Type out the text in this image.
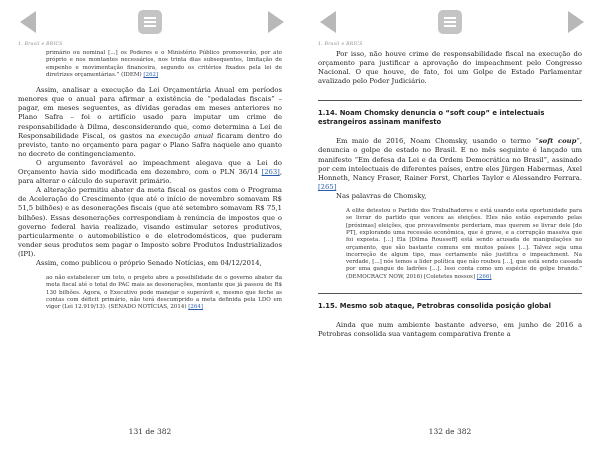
1. Brasil e BRICS

primário ou nominal [...] os Poderes e o Ministério Público promoverão, por ato próprio e nos montantes necessários, nos trinta dias subsequentes, limitação de empenho e movimentação financeira, segundo os critérios fixados pela lei de diretrizes orçamentárias.” (IDEM) [262]

Assim, analisar a execução da Lei Orçamentária Anual em períodos menores que o anual para afirmar a existência de “pedaladas fiscais” – pagar, em meses seguentes, as dívidas geradas em meses anteriores no Plano Safra – foi o artifício usado para imputar um crime de responsabilidade à Dilma, desconsiderando que, como determina a Lei de Responsabilidade Fiscal, os gastos na execução anual ficaram dentro do previsto, tanto no orçamento para pagar o Plano Safra naquele ano quanto no decreto de contingenciamento.

O argumento favorável ao impeachment alegava que a Lei do Orçamento havia sido modificada em dezembro, com o PLN 36/14 [263], para alterar o cálculo do superavit primário.

A alteração permitiu abater da meta fiscal os gastos com o Programa de Aceleração do Crescimento (que até o início de novembro somavam R$ 51,5 bilhões) e as desonerações fiscais (que até setembro somavam R$ 75,1 bilhões). Essas desonerações correspondiam à renúncia de impostos que o governo federal havia realizado, visando estimular setores produtivos, particularmente o automobilístico e de eletrodomésticos, que puderam vender seus produtos sem pagar o Imposto sobre Produtos Industrializados (IPI).

Assim, como publicou o próprio Senado Notícias, em 04/12/2014,

ao não estabelecer um teto, o projeto abre a possibilidade de o governo abater da meta fiscal até o total do PAC mais as desonerações, montante que já passou de R$ 130 bilhões. Agora, o Executivo pode manejar o superávit e, mesmo que feche as contas com déficit primário, não terá descumprido a meta definida pela LDO em vigor (Lei 12.919/13). (SENADO NOTÍCIAS, 2014) [264]

131 de 382
1. Brasil e BRICS

Por isso, não houve crime de responsabilidade fiscal na execução do orçamento para justificar a aprovação do impeachment pelo Congresso Nacional. O que houve, de fato, foi um Golpe de Estado Parlamentar avalizado pelo Poder Judiciário.

1.14. Noam Chomsky denuncia o “soft coup” e intelectuais estrangeiros assinam manifesto

Em maio de 2016, Noam Chomsky, usando o termo “soft coup”, denuncia o golpe de estado no Brasil. E no mês seguinte é lançado um manifesto “Em defesa da Lei e da Ordem Democrática no Brasil”, assinado por cem intelectuais de diferentes países, entre eles Jürgen Habermas, Axel Honneth, Nancy Fraser, Rainer Forst, Charles Taylor e Alessandro Ferrara. [265]

Nas palavras de Chomsky,

A elite detestou o Partido dos Trabalhadores e está usando esta oportunidade para se livrar do partido que venceu as eleições. Eles não estão esperando pelas [próximas] eleições, que provavelmente perderiam, mas querem se livrar dele [do PT], explorando uma recessão econômica, que é grave, e a corrupção massiva que foi exposta. [...] Ela [Dilma Rousseff] está sendo acusada de manipulações no orçamento, que são bastante comuns em muitos países [...]. Talvez seja uma incorreção de algum tipo, mas certamente não justifica o impeachment. Na verdade, [...] nós temos a líder política que não roubou [...], que está sendo cassada por uma gangue de ladrões [...]. Isso conta como um espécie de golpe brando.” (DEMOCRACY NOW, 2016) [Coletetes nossos] [266]

1.15. Mesmo sob ataque, Petrobras consolida posição global

Ainda que num ambiente bastante adverso, em junho de 2016 a Petrobras consolida sua vantagem comparativa frente a

132 de 382
